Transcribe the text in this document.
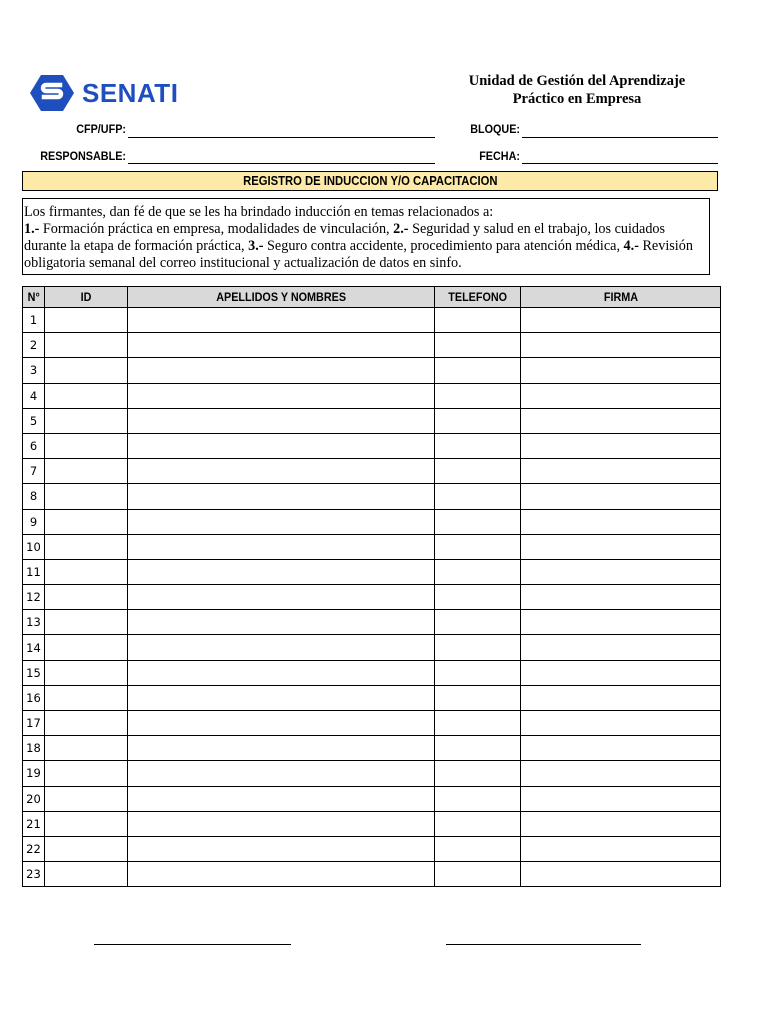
SENATI	Unidad de Gestión del Aprendizaje
Práctico en Empresa
CFP/UFP:	BLOQUE:
RESPONSABLE:	FECHA:
REGISTRO DE INDUCCION Y/O CAPACITACION
Los firmantes, dan fé de que se les ha brindado inducción en temas relacionados a:
1.- Formación práctica en empresa, modalidades de vinculación, 2.- Seguridad y salud en el trabajo, los cuidados durante la etapa de formación práctica, 3.- Seguro contra accidente, procedimiento para atención médica, 4.- Revisión obligatoria semanal del correo institucional y actualización de datos en sinfo.
N°	ID	APELLIDOS Y NOMBRES	TELEFONO	FIRMA
1				
2				
3				
4				
5				
6				
7				
8				
9				
10				
11				
12				
13				
14				
15				
16				
17				
18				
19				
20				
21				
22				
23				
